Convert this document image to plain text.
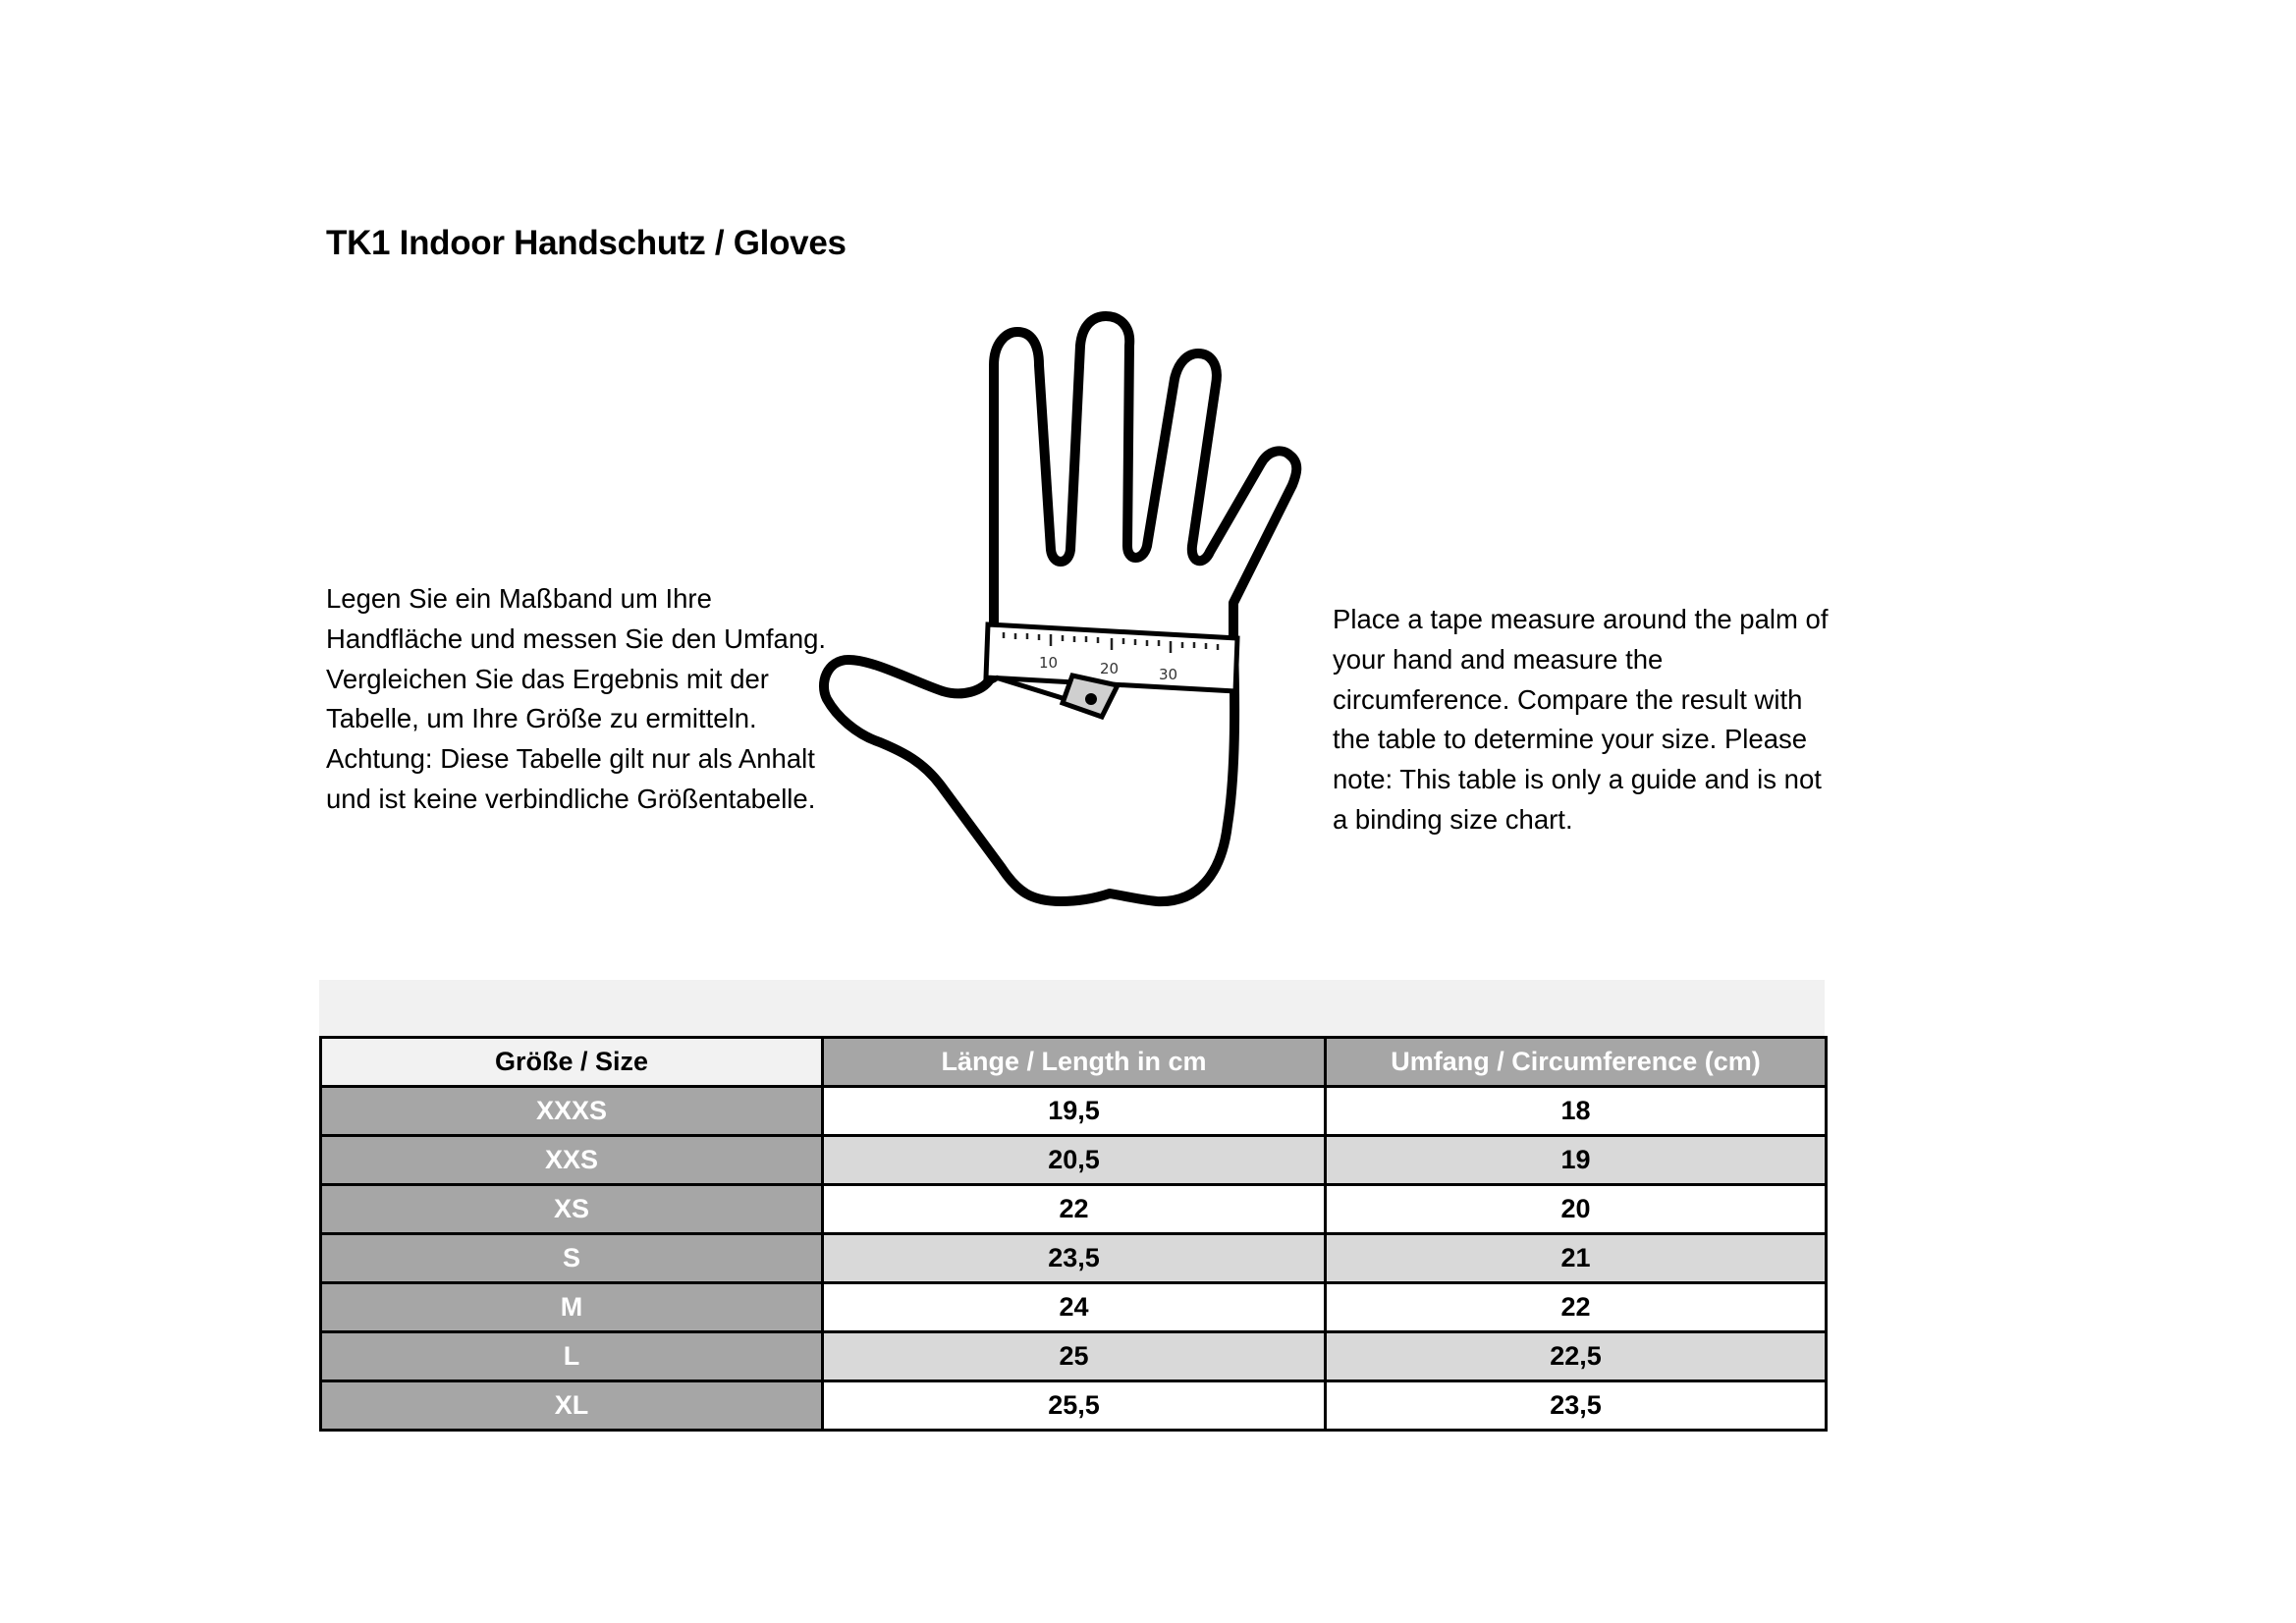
TK1 Indoor Handschutz / Gloves
Legen Sie ein Maßband um Ihre Handfläche und messen Sie den Umfang. Vergleichen Sie das Ergebnis mit der Tabelle, um Ihre Größe zu ermitteln. Achtung: Diese Tabelle gilt nur als Anhalt und ist keine verbindliche Größentabelle.
10	20	30
Place a tape measure around the palm of your hand and measure the circumference. Compare the result with the table to determine your size. Please note: This table is only a guide and is not a binding size chart.
Größe / Size	Länge / Length in cm	Umfang / Circumference (cm)
XXXS	19,5	18
XXS	20,5	19
XS	22	20
S	23,5	21
M	24	22
L	25	22,5
XL	25,5	23,5
